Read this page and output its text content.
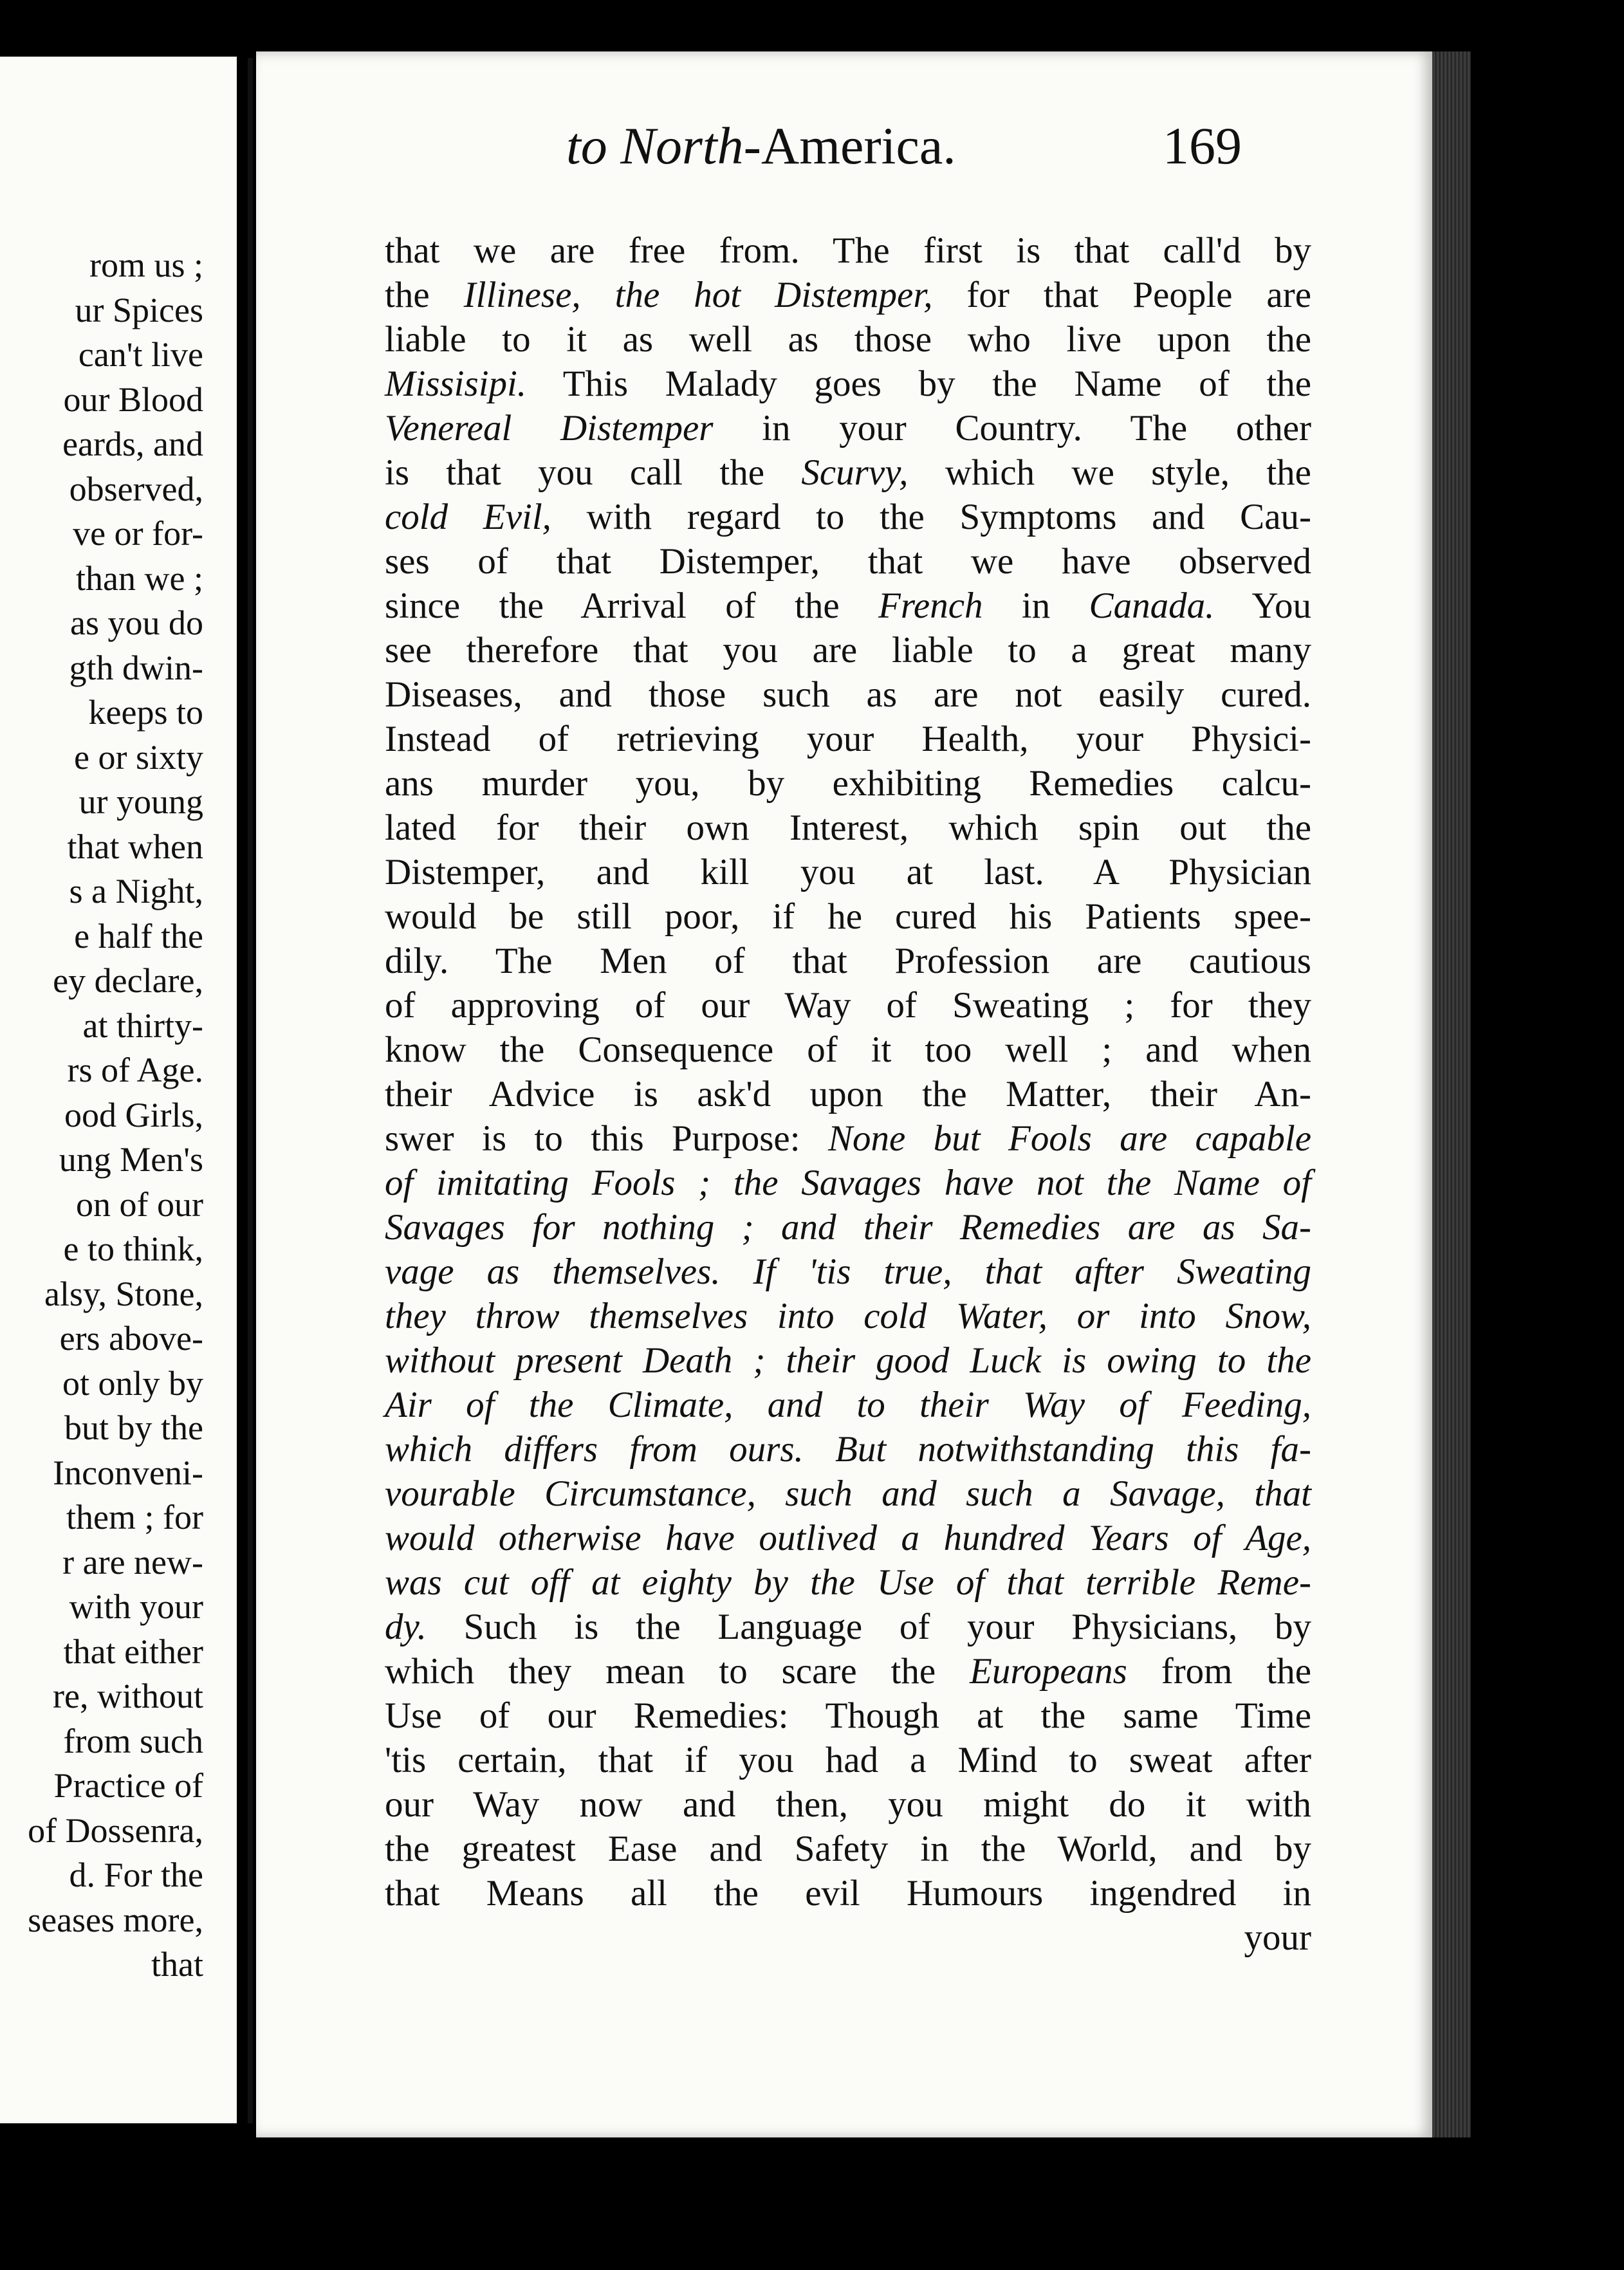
rom us ;
ur Spices
can't live
our Blood
eards, and
observed,
ve or for-
than we ;
as you do
gth dwin-
keeps to
e or sixty
ur young
that when
s a Night,
e half the
ey declare,
at thirty-
rs of Age.
ood Girls,
ung Men's
on of our
e to think,
alsy, Stone,
ers above-
ot only by
but by the
Inconveni-
them ; for
r are new-
with your
that either
re, without
from such
Practice of
of Dossenra,
d. For the
seases more,
that
to North-America.	169
that we are free from. The first is that call'd by
the Illinese, the hot Distemper, for that People are
liable to it as well as those who live upon the
Missisipi. This Malady goes by the Name of the
Venereal Distemper in your Country. The other
is that you call the Scurvy, which we style, the
cold Evil, with regard to the Symptoms and Cau-
ses of that Distemper, that we have observed
since the Arrival of the French in Canada. You
see therefore that you are liable to a great many
Diseases, and those such as are not easily cured.
Instead of retrieving your Health, your Physici-
ans murder you, by exhibiting Remedies calcu-
lated for their own Interest, which spin out the
Distemper, and kill you at last. A Physician
would be still poor, if he cured his Patients spee-
dily. The Men of that Profession are cautious
of approving of our Way of Sweating ; for they
know the Consequence of it too well ; and when
their Advice is ask'd upon the Matter, their An-
swer is to this Purpose: None but Fools are capable
of imitating Fools ; the Savages have not the Name of
Savages for nothing ; and their Remedies are as Sa-
vage as themselves. If 'tis true, that after Sweating
they throw themselves into cold Water, or into Snow,
without present Death ; their good Luck is owing to the
Air of the Climate, and to their Way of Feeding,
which differs from ours. But notwithstanding this fa-
vourable Circumstance, such and such a Savage, that
would otherwise have outlived a hundred Years of Age,
was cut off at eighty by the Use of that terrible Reme-
dy. Such is the Language of your Physicians, by
which they mean to scare the Europeans from the
Use of our Remedies: Though at the same Time
'tis certain, that if you had a Mind to sweat after
our Way now and then, you might do it with
the greatest Ease and Safety in the World, and by
that Means all the evil Humours ingendred in
your
